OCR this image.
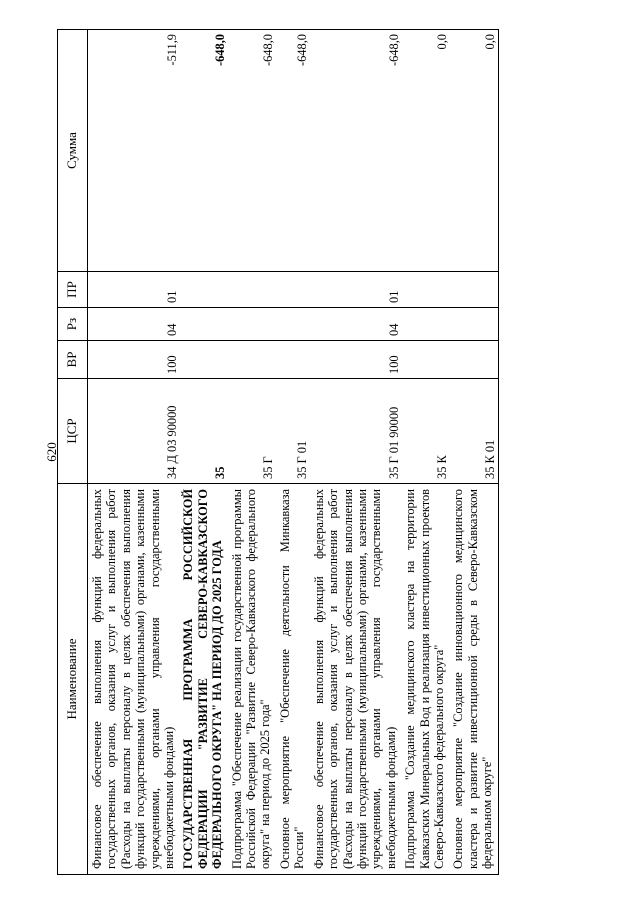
620
Наименование	ЦСР	ВР	Рз	ПР	Сумма
Финансовое обеспечение выполнения функций федеральных государственных органов, оказания услуг и выполнения работ (Расходы на выплаты персоналу в целях обеспечения выполнения функций государственными (муниципальными) органами, казенными учреждениями, органами управления государственными внебюджетными фондами)	34 Д 03 90000	100	04	01	-511,9
ГОСУДАРСТВЕННАЯ ПРОГРАММА РОССИЙСКОЙ ФЕДЕРАЦИИ "РАЗВИТИЕ СЕВЕРО-КАВКАЗСКОГО ФЕДЕРАЛЬНОГО ОКРУГА" НА ПЕРИОД ДО 2025 ГОДА	35				-648,0
Подпрограмма "Обеспечение реализации государственной программы Российской Федерации "Развитие Северо-Кавказского федерального округа" на период до 2025 года"	35 Г				-648,0
Основное мероприятие "Обеспечение деятельности Минкавказа России"	35 Г 01				-648,0
Финансовое обеспечение выполнения функций федеральных государственных органов, оказания услуг и выполнения работ (Расходы на выплаты персоналу в целях обеспечения выполнения функций государственными (муниципальными) органами, казенными учреждениями, органами управления государственными внебюджетными фондами)	35 Г 01 90000	100	04	01	-648,0
Подпрограмма "Создание медицинского кластера на территории Кавказских Минеральных Вод и реализация инвестиционных проектов Северо-Кавказского федерального округа"	35 К				0,0
Основное мероприятие "Создание инновационного медицинского кластера и развитие инвестиционной среды в Северо-Кавказском федеральном округе"	35 К 01				0,0
